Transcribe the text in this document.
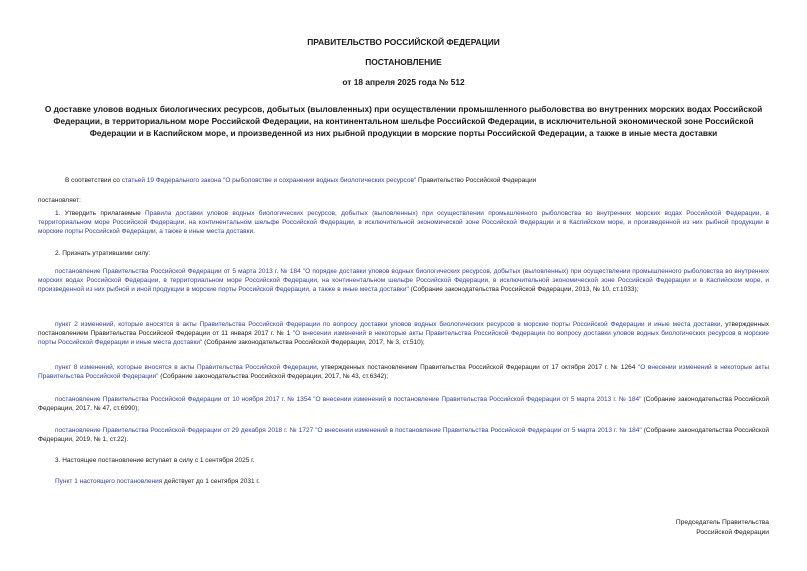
ПРАВИТЕЛЬСТВО РОССИЙСКОЙ ФЕДЕРАЦИИ
ПОСТАНОВЛЕНИЕ
от 18 апреля 2025 года № 512
О доставке уловов водных биологических ресурсов, добытых (выловленных) при осуществлении промышленного рыболовства во внутренних морских водах Российской Федерации, в территориальном море Российской Федерации, на континентальном шельфе Российской Федерации, в исключительной экономической зоне Российской Федерации и в Каспийском море, и произведенной из них рыбной продукции в морские порты Российской Федерации, а также в иные места доставки
В соответствии со статьей 19 Федерального закона "О рыболовстве и сохранении водных биологических ресурсов" Правительство Российской Федерации
постановляет:
1. Утвердить прилагаемые Правила доставки уловов водных биологических ресурсов, добытых (выловленных) при осуществлении промышленного рыболовства во внутренних морских водах Российской Федерации, в территориальном море Российской Федерации, на континентальном шельфе Российской Федерации, в исключительной экономической зоне Российской Федерации и в Каспийском море, и произведенной из них рыбной продукции в морские порты Российской Федерации, а также в иные места доставки.
2. Признать утратившими силу:
постановление Правительства Российской Федерации от 5 марта 2013 г. № 184 "О порядке доставки уловов водных биологических ресурсов, добытых (выловленных) при осуществлении промышленного рыболовства во внутренних морских водах Российской Федерации, в территориальном море Российской Федерации, на континентальном шельфе Российской Федерации, в исключительной экономической зоне Российской Федерации и в Каспийском море, и произведенной из них рыбной и иной продукции в морские порты Российской Федерации, а также в иные места доставки" (Собрание законодательства Российской Федерации, 2013, № 10, ст.1033);
пункт 2 изменений, которые вносятся в акты Правительства Российской Федерации по вопросу доставки уловов водных биологических ресурсов в морские порты Российской Федерации и иные места доставки, утвержденных постановлением Правительства Российской Федерации от 11 января 2017 г. № 1 "О внесении изменений в некоторые акты Правительства Российской Федерации по вопросу доставки уловов водных биологических ресурсов в морские порты Российской Федерации и иные места доставки" (Собрание законодательства Российской Федерации, 2017, № 3, ст.510);
пункт 8 изменений, которые вносятся в акты Правительства Российской Федерации, утвержденных постановлением Правительства Российской Федерации от 17 октября 2017 г. № 1264 "О внесении изменений в некоторые акты Правительства Российской Федерации" (Собрание законодательства Российской Федерации, 2017, № 43, ст.6342);
постановление Правительства Российской Федерации от 10 ноября 2017 г. № 1354 "О внесении изменений в постановление Правительства Российской Федерации от 5 марта 2013 г. № 184" (Собрание законодательства Российской Федерации, 2017, № 47, ст.6990);
постановление Правительства Российской Федерации от 29 декабря 2018 г. № 1727 "О внесении изменений в постановление Правительства Российской Федерации от 5 марта 2013 г. № 184" (Собрание законодательства Российской Федерации, 2019, № 1, ст.22).
3. Настоящее постановление вступает в силу с 1 сентября 2025 г.
Пункт 1 настоящего постановления действует до 1 сентября 2031 г.
Председатель Правительства
Российской Федерации
